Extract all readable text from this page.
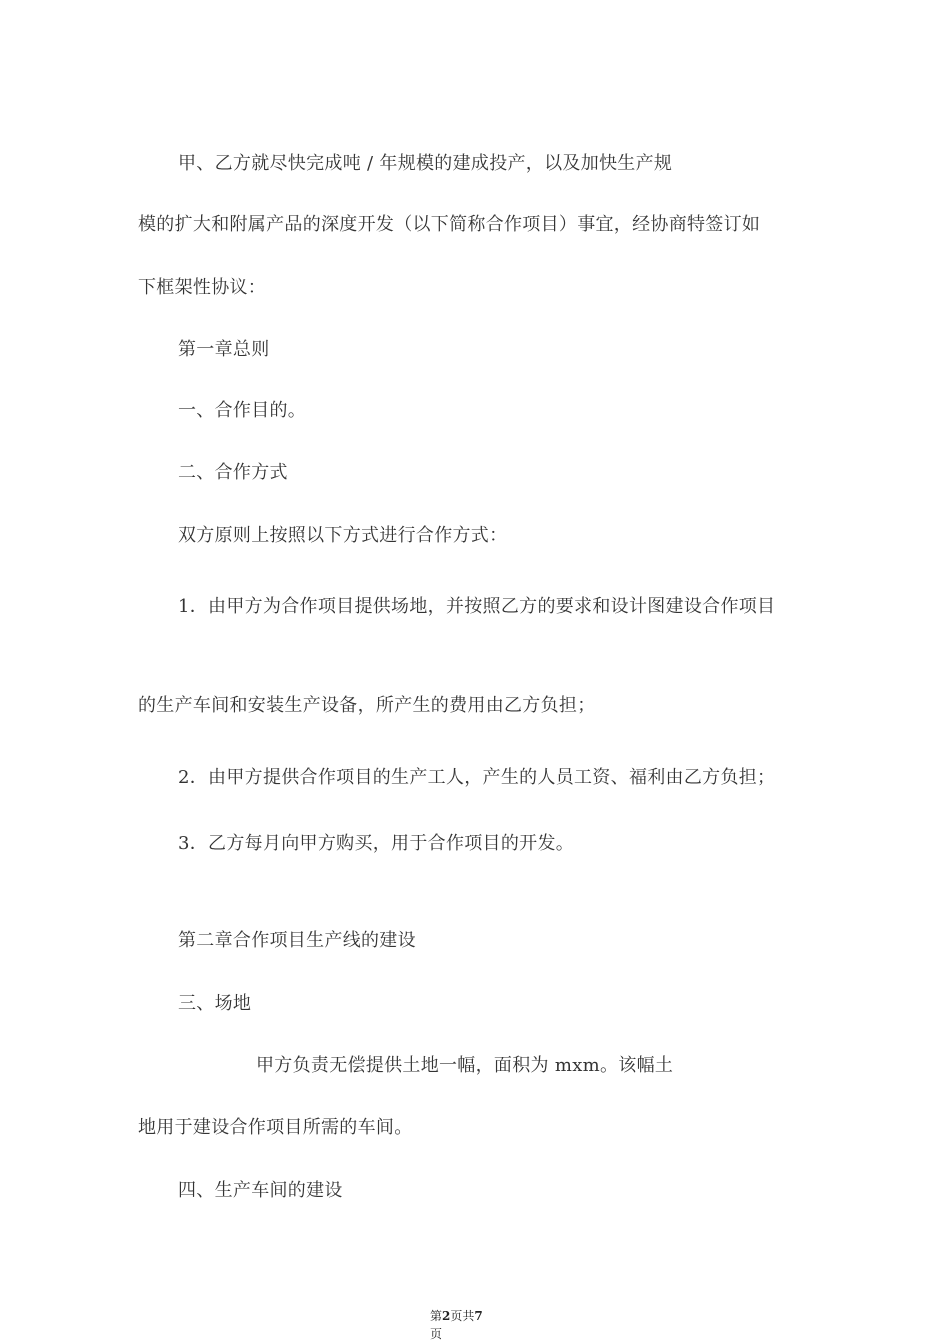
甲、乙方就尽快完成吨 / 年规模的建成投产，以及加快生产规
模的扩大和附属产品的深度开发（以下简称合作项目）事宜，经协商特签订如
下框架性协议：
第一章总则
一、合作目的。
二、合作方式
双方原则上按照以下方式进行合作方式：
1．由甲方为合作项目提供场地，并按照乙方的要求和设计图建设合作项目
的生产车间和安装生产设备，所产生的费用由乙方负担；
2．由甲方提供合作项目的生产工人，产生的人员工资、福利由乙方负担；
3．乙方每月向甲方购买，用于合作项目的开发。
第二章合作项目生产线的建设
三、场地
甲方负责无偿提供土地一幅，面积为 mxm。该幅土
地用于建设合作项目所需的车间。
四、生产车间的建设
第2页共7
页
